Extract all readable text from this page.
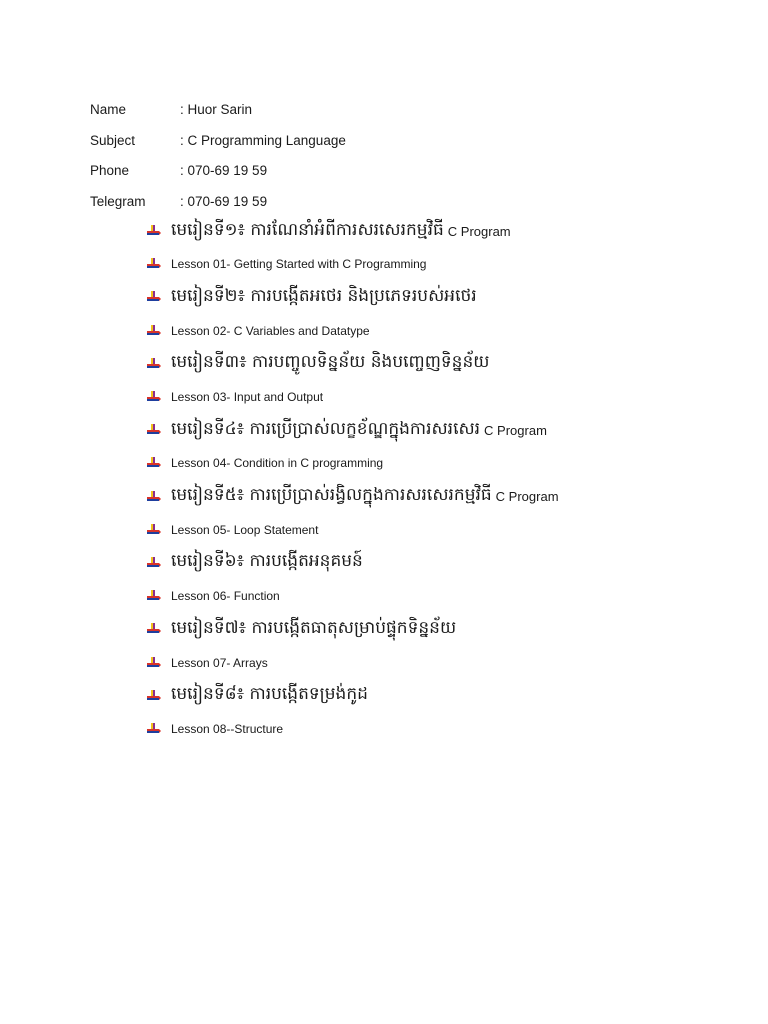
Name	: Huor Sarin
Subject	: C Programming Language
Phone	: 070-69 19 59
Telegram	: 070-69 19 59
មេរៀនទី១៖ ការណែនាំអំពីការសរសេរកម្មវិធី C Program
Lesson 01- Getting Started with C Programming
មេរៀនទី២៖ ការបង្កើតអថេរ និងប្រភេទរបស់អថេរ
Lesson 02- C Variables and Datatype
មេរៀនទី៣៖ ការបញ្ចូលទិន្នន័យ និងបញ្ចេញទិន្នន័យ
Lesson 03- Input and Output
មេរៀនទី៤៖ ការប្រើប្រាស់លក្ខខ័ណ្ឌក្នុងការសរសេរ C Program
Lesson 04- Condition in C programming
មេរៀនទី៥៖ ការប្រើប្រាស់រង្វិលក្នុងការសរសេរកម្មវិធី C Program
Lesson 05- Loop Statement
មេរៀនទី៦៖ ការបង្កើតអនុគមន៍
Lesson 06- Function
មេរៀនទី៧៖ ការបង្កើតធាតុសម្រាប់ផ្ទុកទិន្នន័យ
Lesson 07- Arrays
មេរៀនទី៨៖ ការបង្កើតទម្រង់កូដ
Lesson 08--Structure
